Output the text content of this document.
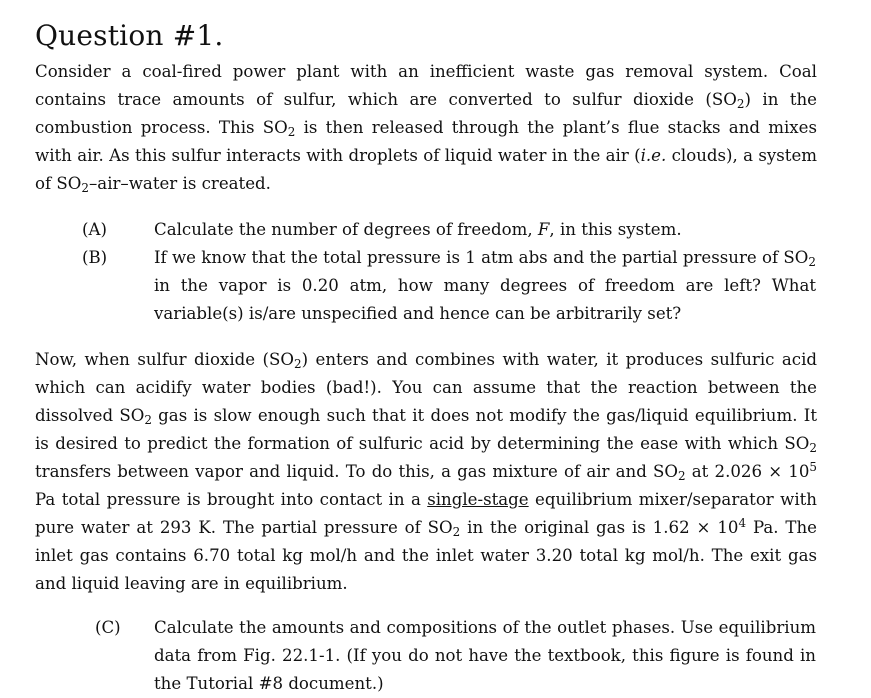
Question #1.

Consider a coal-fired power plant with an inefficient waste gas removal system. Coal contains trace amounts of sulfur, which are converted to sulfur dioxide $(SO_2)$ in the combustion process. This $SO_2$ is then released through the plant’s flue stacks and mixes with air. As this sulfur interacts with droplets of liquid water in the air (i.e. clouds), a system of $SO_2-air$–water is created.

(A)	Calculate the number of degrees of freedom, F, in this system.
(B)	If we know that the total pressure is 1 atm abs and the partial pressure of $SO_2$ in the vapor is 0.20 atm, how many degrees of freedom are left? What variable(s) is/are unspecified and hence can be arbitrarily set?

Now, when sulfur dioxide $(SO_2)$ enters and combines with water, it produces sulfuric acid which can acidify water bodies (bad!). You can assume that the reaction between the dissolved $SO_2$ gas is slow enough such that it does not modify the gas/liquid equilibrium. It is desired to predict the formation of sulfuric acid by determining the ease with which $SO_2$ transfers between vapor and liquid. To do this, a gas mixture of air and $SO_2$ at $2.026 \times 10^5$ Pa total pressure is brought into contact in a single-stage equilibrium mixer/separator with pure water at 293 K. The partial pressure of $SO_2$ in the original gas is $1.62 \times 10^4$ Pa. The inlet gas contains 6.70 total kg mol/h and the inlet water 3.20 total kg mol/h. The exit gas and liquid leaving are in equilibrium.

(C)	Calculate the amounts and compositions of the outlet phases. Use equilibrium data from Fig. 22.1-1. (If you do not have the textbook, this figure is found in the Tutorial #8 document.)
